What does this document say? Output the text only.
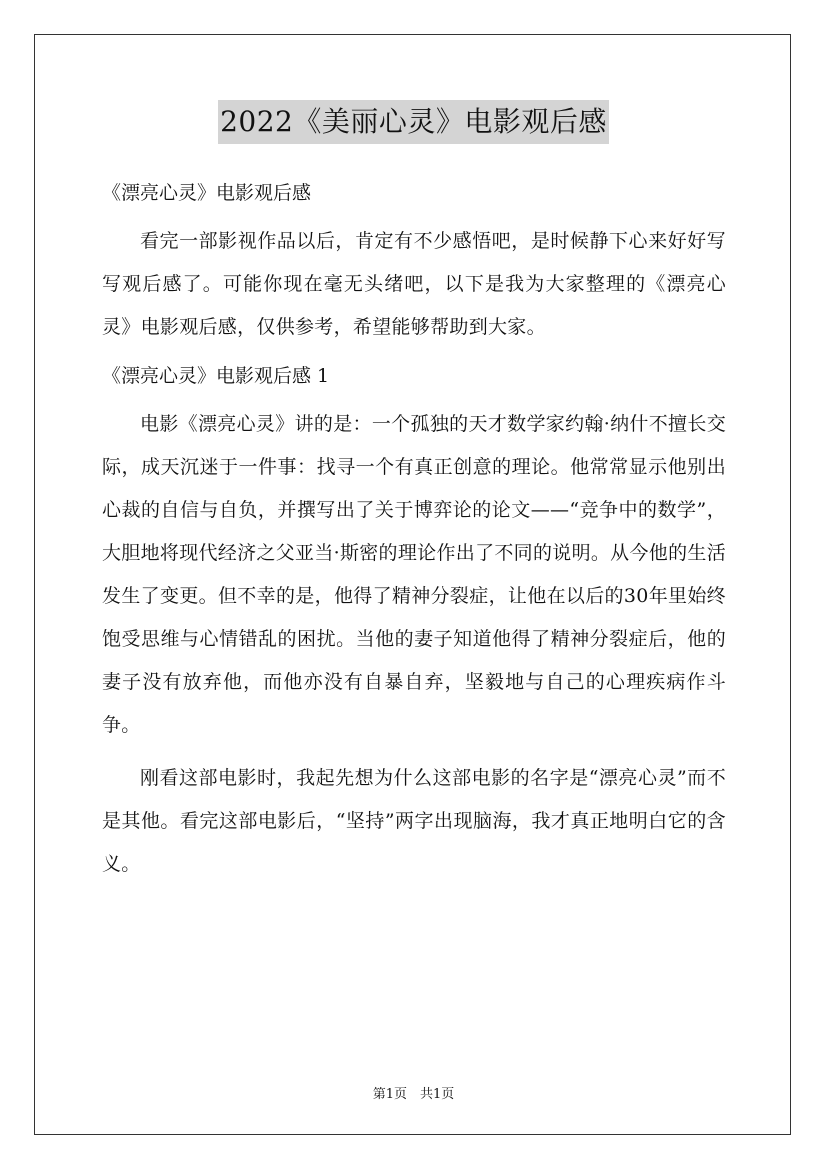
2022《美丽心灵》电影观后感
《漂亮心灵》电影观后感

看完一部影视作品以后，肯定有不少感悟吧，是时候静下心来好好写写观后感了。可能你现在毫无头绪吧，以下是我为大家整理的《漂亮心灵》电影观后感，仅供参考，希望能够帮助到大家。

《漂亮心灵》电影观后感 1

电影《漂亮心灵》讲的是：一个孤独的天才数学家约翰·纳什不擅长交际，成天沉迷于一件事：找寻一个有真正创意的理论。他常常显示他别出心裁的自信与自负，并撰写出了关于博弈论的论文——“竞争中的数学”，大胆地将现代经济之父亚当·斯密的理论作出了不同的说明。从今他的生活发生了变更。但不幸的是，他得了精神分裂症，让他在以后的30年里始终饱受思维与心情错乱的困扰。当他的妻子知道他得了精神分裂症后，他的妻子没有放弃他，而他亦没有自暴自弃，坚毅地与自己的心理疾病作斗争。

刚看这部电影时，我起先想为什么这部电影的名字是“漂亮心灵”而不是其他。看完这部电影后，“坚持”两字出现脑海，我才真正地明白它的含义。

第1页　共1页
